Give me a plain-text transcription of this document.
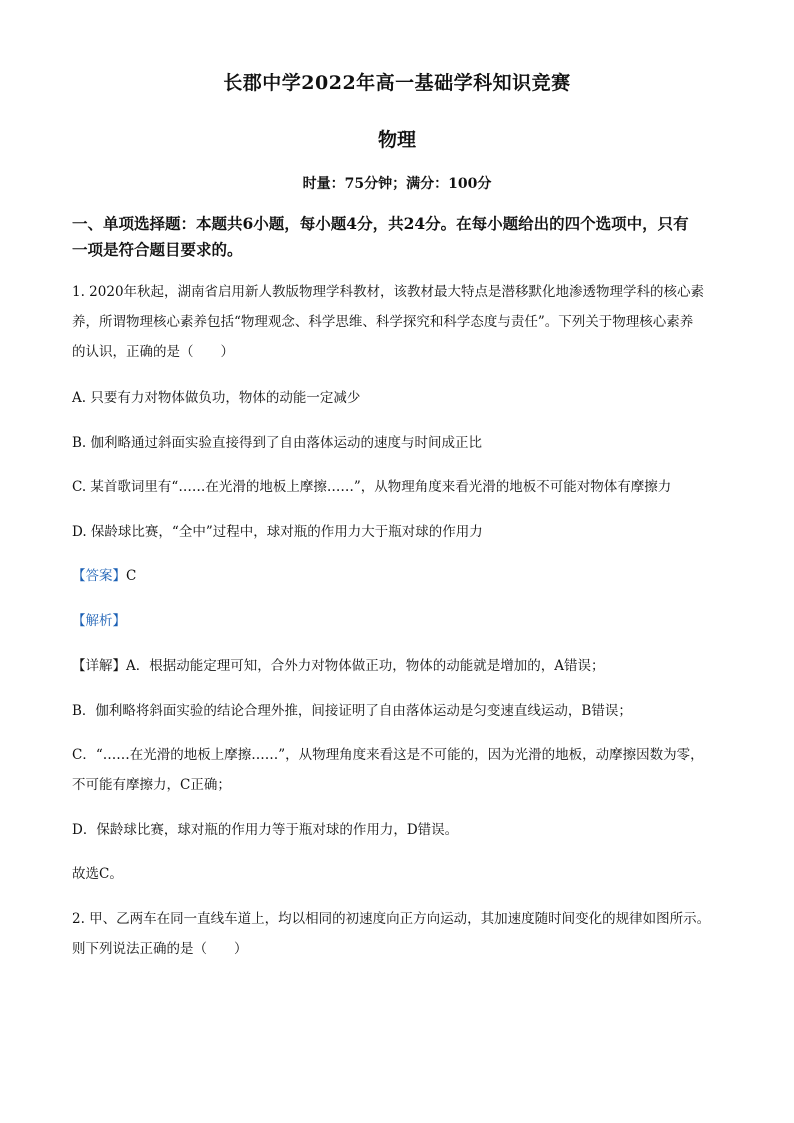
长郡中学2022年高一基础学科知识竞赛
物理
时量：75分钟；满分：100分
一、单项选择题：本题共6小题，每小题4分，共24分。在每小题给出的四个选项中，只有
一项是符合题目要求的。
1. 2020年秋起，湖南省启用新人教版物理学科教材，该教材最大特点是潜移默化地渗透物理学科的核心素
养，所谓物理核心素养包括“物理观念、科学思维、科学探究和科学态度与责任”。下列关于物理核心素养
的认识，正确的是（　　）
A. 只要有力对物体做负功，物体的动能一定减少
B. 伽利略通过斜面实验直接得到了自由落体运动的速度与时间成正比
C. 某首歌词里有“……在光滑的地板上摩擦……”，从物理角度来看光滑的地板不可能对物体有摩擦力
D. 保龄球比赛，“全中”过程中，球对瓶的作用力大于瓶对球的作用力
【答案】C
【解析】
【详解】A．根据动能定理可知，合外力对物体做正功，物体的动能就是增加的，A错误；
B．伽利略将斜面实验的结论合理外推，间接证明了自由落体运动是匀变速直线运动，B错误；
C．“……在光滑的地板上摩擦……”，从物理角度来看这是不可能的，因为光滑的地板，动摩擦因数为零，
不可能有摩擦力，C正确；
D．保龄球比赛，球对瓶的作用力等于瓶对球的作用力，D错误。
故选C。
2. 甲、乙两车在同一直线车道上，均以相同的初速度向正方向运动，其加速度随时间变化的规律如图所示。
则下列说法正确的是（　　）
